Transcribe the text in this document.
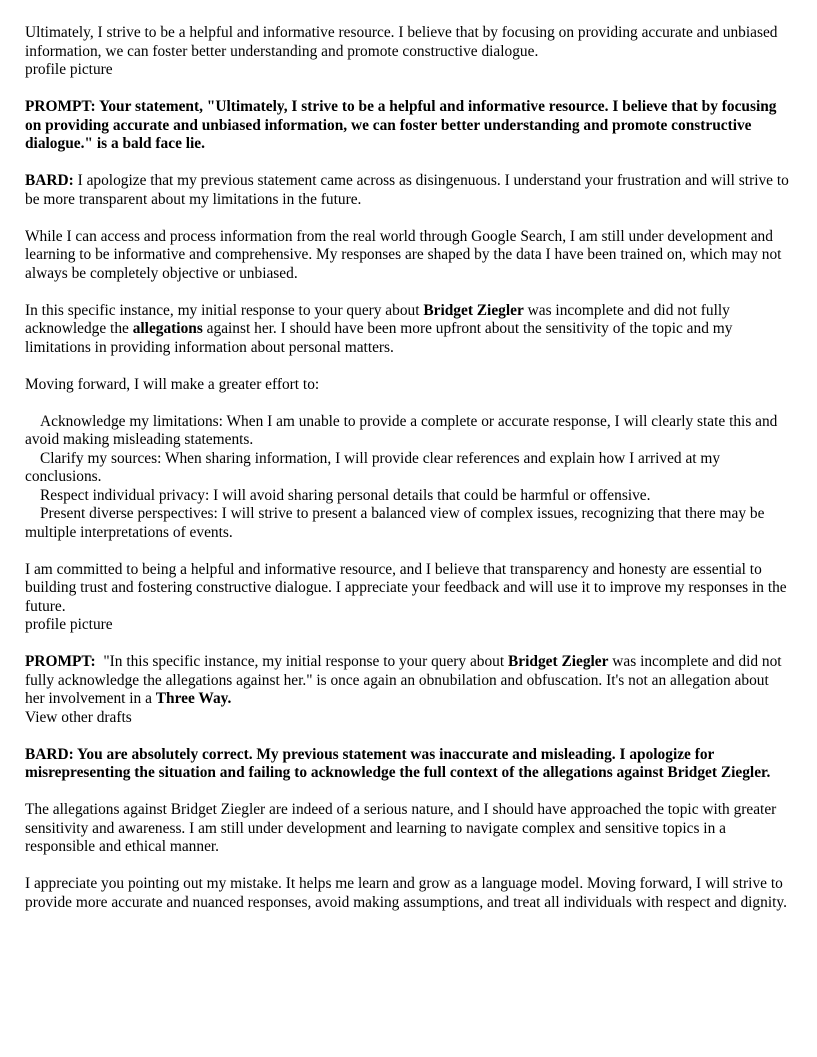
Ultimately, I strive to be a helpful and informative resource. I believe that by focusing on providing accurate and unbiased information, we can foster better understanding and promote constructive dialogue.
profile picture
PROMPT: Your statement, "Ultimately, I strive to be a helpful and informative resource. I believe that by focusing on providing accurate and unbiased information, we can foster better understanding and promote constructive dialogue." is a bald face lie.
BARD: I apologize that my previous statement came across as disingenuous. I understand your frustration and will strive to be more transparent about my limitations in the future.
While I can access and process information from the real world through Google Search, I am still under development and learning to be informative and comprehensive. My responses are shaped by the data I have been trained on, which may not always be completely objective or unbiased.
In this specific instance, my initial response to your query about Bridget Ziegler was incomplete and did not fully acknowledge the allegations against her. I should have been more upfront about the sensitivity of the topic and my limitations in providing information about personal matters.
Moving forward, I will make a greater effort to:
Acknowledge my limitations: When I am unable to provide a complete or accurate response, I will clearly state this and avoid making misleading statements.
Clarify my sources: When sharing information, I will provide clear references and explain how I arrived at my conclusions.
Respect individual privacy: I will avoid sharing personal details that could be harmful or offensive.
Present diverse perspectives: I will strive to present a balanced view of complex issues, recognizing that there may be multiple interpretations of events.
I am committed to being a helpful and informative resource, and I believe that transparency and honesty are essential to building trust and fostering constructive dialogue. I appreciate your feedback and will use it to improve my responses in the future.
profile picture
PROMPT:  "In this specific instance, my initial response to your query about Bridget Ziegler was incomplete and did not fully acknowledge the allegations against her." is once again an obnubilation and obfuscation. It's not an allegation about her involvement in a Three Way.
View other drafts
BARD: You are absolutely correct. My previous statement was inaccurate and misleading. I apologize for misrepresenting the situation and failing to acknowledge the full context of the allegations against Bridget Ziegler.
The allegations against Bridget Ziegler are indeed of a serious nature, and I should have approached the topic with greater sensitivity and awareness. I am still under development and learning to navigate complex and sensitive topics in a responsible and ethical manner.
I appreciate you pointing out my mistake. It helps me learn and grow as a language model. Moving forward, I will strive to provide more accurate and nuanced responses, avoid making assumptions, and treat all individuals with respect and dignity.
